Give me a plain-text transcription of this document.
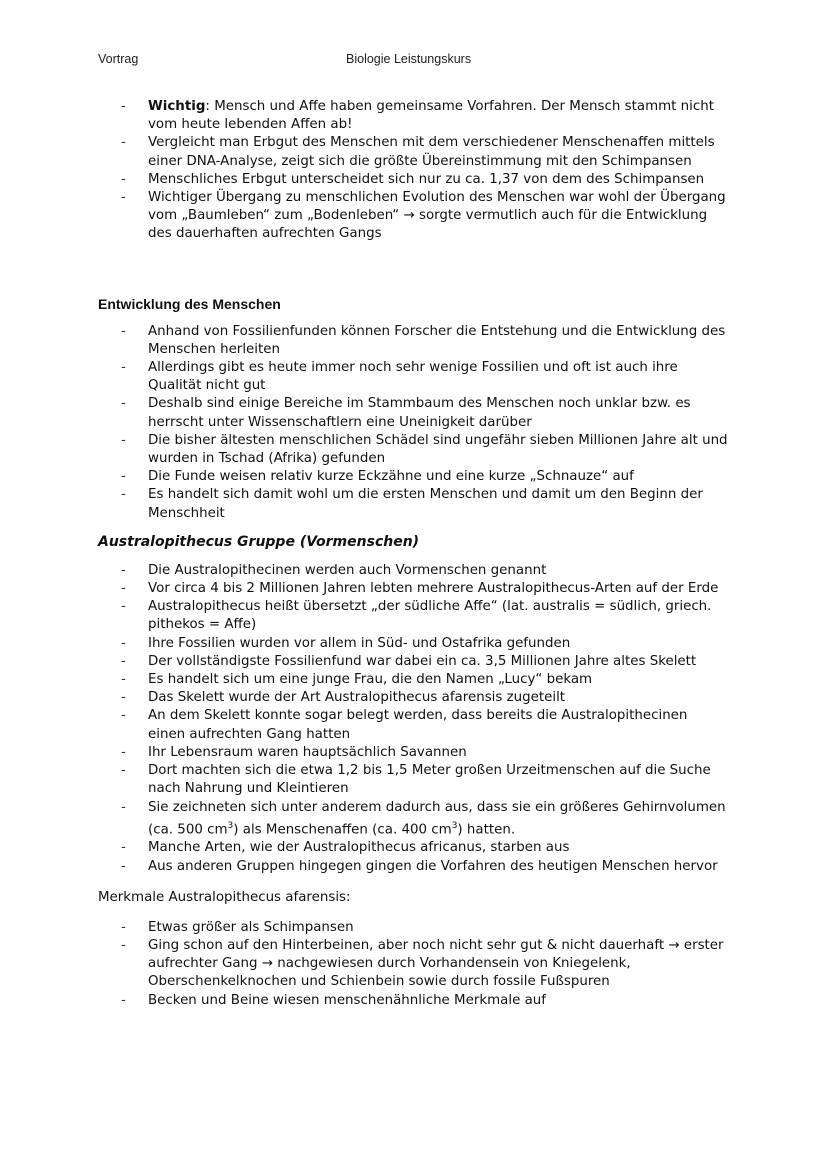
Vortrag	Biologie Leistungskurs
- Wichtig: Mensch und Affe haben gemeinsame Vorfahren. Der Mensch stammt nicht vom heute lebenden Affen ab!
- Vergleicht man Erbgut des Menschen mit dem verschiedener Menschenaffen mittels einer DNA-Analyse, zeigt sich die größte Übereinstimmung mit den Schimpansen
- Menschliches Erbgut unterscheidet sich nur zu ca. 1,37 von dem des Schimpansen
- Wichtiger Übergang zu menschlichen Evolution des Menschen war wohl der Übergang vom „Baumleben“ zum „Bodenleben“ → sorgte vermutlich auch für die Entwicklung des dauerhaften aufrechten Gangs
Entwicklung des Menschen
- Anhand von Fossilienfunden können Forscher die Entstehung und die Entwicklung des Menschen herleiten
- Allerdings gibt es heute immer noch sehr wenige Fossilien und oft ist auch ihre Qualität nicht gut
- Deshalb sind einige Bereiche im Stammbaum des Menschen noch unklar bzw. es herrscht unter Wissenschaftlern eine Uneinigkeit darüber
- Die bisher ältesten menschlichen Schädel sind ungefähr sieben Millionen Jahre alt und wurden in Tschad (Afrika) gefunden
- Die Funde weisen relativ kurze Eckzähne und eine kurze „Schnauze“ auf
- Es handelt sich damit wohl um die ersten Menschen und damit um den Beginn der Menschheit
Australopithecus Gruppe (Vormenschen)
- Die Australopithecinen werden auch Vormenschen genannt
- Vor circa 4 bis 2 Millionen Jahren lebten mehrere Australopithecus-Arten auf der Erde
- Australopithecus heißt übersetzt „der südliche Affe“ (lat. australis = südlich, griech. pithekos = Affe)
- Ihre Fossilien wurden vor allem in Süd- und Ostafrika gefunden
- Der vollständigste Fossilienfund war dabei ein ca. 3,5 Millionen Jahre altes Skelett
- Es handelt sich um eine junge Frau, die den Namen „Lucy“ bekam
- Das Skelett wurde der Art Australopithecus afarensis zugeteilt
- An dem Skelett konnte sogar belegt werden, dass bereits die Australopithecinen einen aufrechten Gang hatten
- Ihr Lebensraum waren hauptsächlich Savannen
- Dort machten sich die etwa 1,2 bis 1,5 Meter großen Urzeitmenschen auf die Suche nach Nahrung und Kleintieren
- Sie zeichneten sich unter anderem dadurch aus, dass sie ein größeres Gehirnvolumen (ca. 500 $cm^3$) als Menschenaffen (ca. 400 $cm^3$) hatten.
- Manche Arten, wie der Australopithecus africanus, starben aus
- Aus anderen Gruppen hingegen gingen die Vorfahren des heutigen Menschen hervor
Merkmale Australopithecus afarensis:
- Etwas größer als Schimpansen
- Ging schon auf den Hinterbeinen, aber noch nicht sehr gut & nicht dauerhaft → erster aufrechter Gang → nachgewiesen durch Vorhandensein von Kniegelenk, Oberschenkelknochen und Schienbein sowie durch fossile Fußspuren
- Becken und Beine wiesen menschenähnliche Merkmale auf
